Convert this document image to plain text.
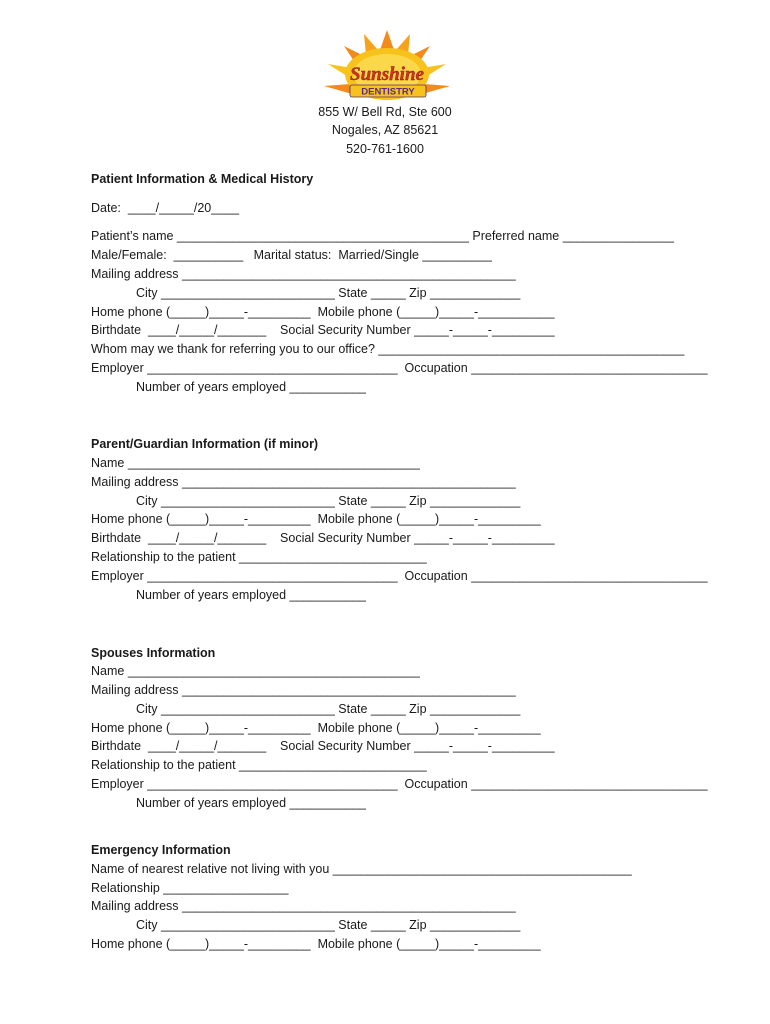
Sunshine
DENTISTRY
855 W/ Bell Rd, Ste 600
Nogales, AZ 85621
520-761-1600
Patient Information & Medical History
Date:  ____/_____/20____
Patient’s name __________________________________________ Preferred name ________________
Male/Female:  __________   Marital status:  Married/Single __________
Mailing address ________________________________________________
City _________________________ State _____ Zip _____________
Home phone (_____)_____-_________  Mobile phone (_____)_____-___________
Birthdate  ____/_____/_______    Social Security Number _____-_____-_________
Whom may we thank for referring you to our office? ____________________________________________
Employer ____________________________________  Occupation __________________________________
Number of years employed ___________
Parent/Guardian Information (if minor)
Name __________________________________________
Mailing address ________________________________________________
City _________________________ State _____ Zip _____________
Home phone (_____)_____-_________  Mobile phone (_____)_____-_________
Birthdate  ____/_____/_______    Social Security Number _____-_____-_________
Relationship to the patient ___________________________
Employer ____________________________________  Occupation __________________________________
Number of years employed ___________
Spouses Information
Name __________________________________________
Mailing address ________________________________________________
City _________________________ State _____ Zip _____________
Home phone (_____)_____-_________  Mobile phone (_____)_____-_________
Birthdate  ____/_____/_______    Social Security Number _____-_____-_________
Relationship to the patient ___________________________
Employer ____________________________________  Occupation __________________________________
Number of years employed ___________
Emergency Information
Name of nearest relative not living with you ___________________________________________
Relationship __________________
Mailing address ________________________________________________
City _________________________ State _____ Zip _____________
Home phone (_____)_____-_________  Mobile phone (_____)_____-_________
